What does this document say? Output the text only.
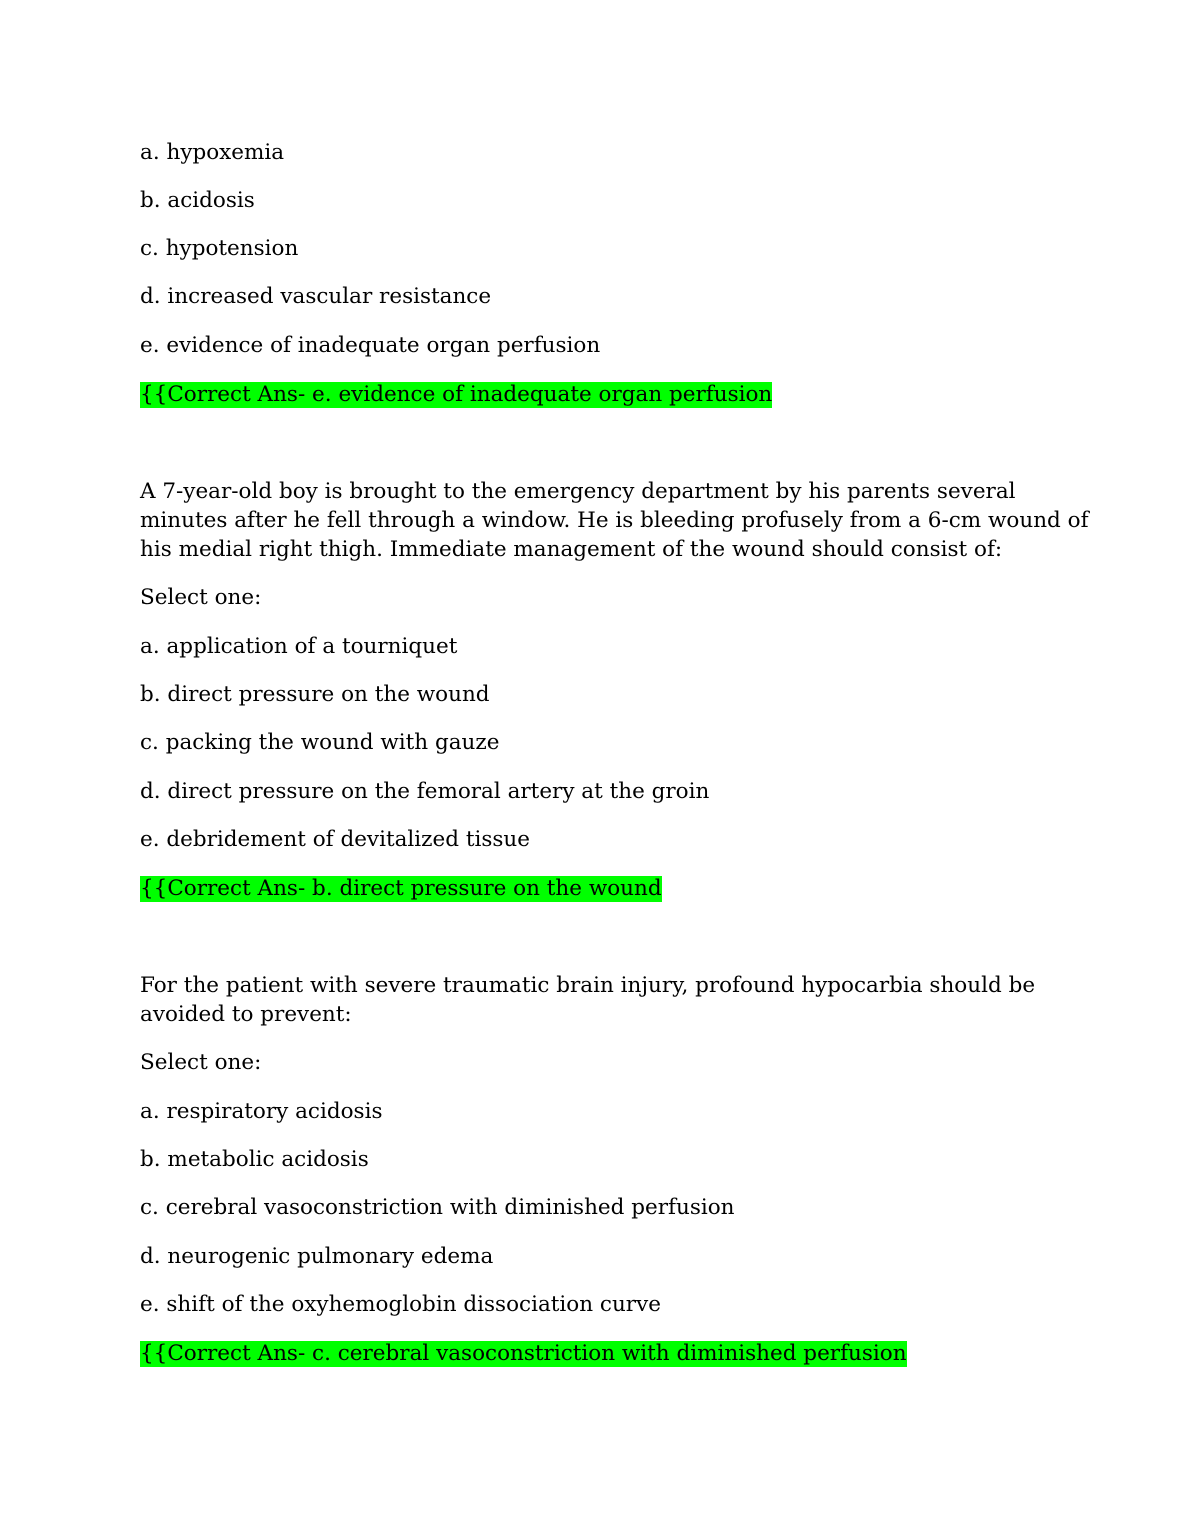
a. hypoxemia
b. acidosis
c. hypotension
d. increased vascular resistance
e. evidence of inadequate organ perfusion
{{Correct Ans- e. evidence of inadequate organ perfusion
A 7-year-old boy is brought to the emergency department by his parents several
minutes after he fell through a window. He is bleeding profusely from a 6-cm wound of
his medial right thigh. Immediate management of the wound should consist of:
Select one:
a. application of a tourniquet
b. direct pressure on the wound
c. packing the wound with gauze
d. direct pressure on the femoral artery at the groin
e. debridement of devitalized tissue
{{Correct Ans- b. direct pressure on the wound
For the patient with severe traumatic brain injury, profound hypocarbia should be
avoided to prevent:
Select one:
a. respiratory acidosis
b. metabolic acidosis
c. cerebral vasoconstriction with diminished perfusion
d. neurogenic pulmonary edema
e. shift of the oxyhemoglobin dissociation curve
{{Correct Ans- c. cerebral vasoconstriction with diminished perfusion
